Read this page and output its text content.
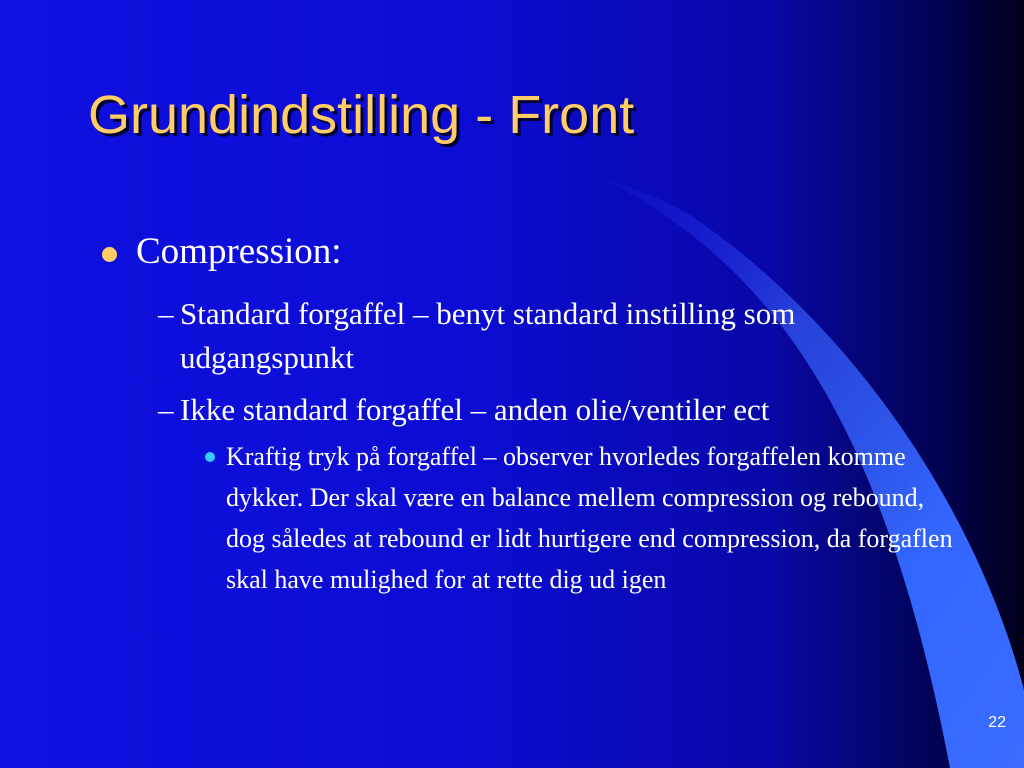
Grundindstilling - Front
Compression:
– Standard forgaffel – benyt standard instilling som udgangspunkt
– Ikke standard forgaffel – anden olie/ventiler ect
Kraftig tryk på forgaffel – observer hvorledes forgaffelen komme dykker. Der skal være en balance mellem compression og rebound, dog således at rebound er lidt hurtigere end compression, da forgaflen skal have mulighed for at rette dig ud igen
22
